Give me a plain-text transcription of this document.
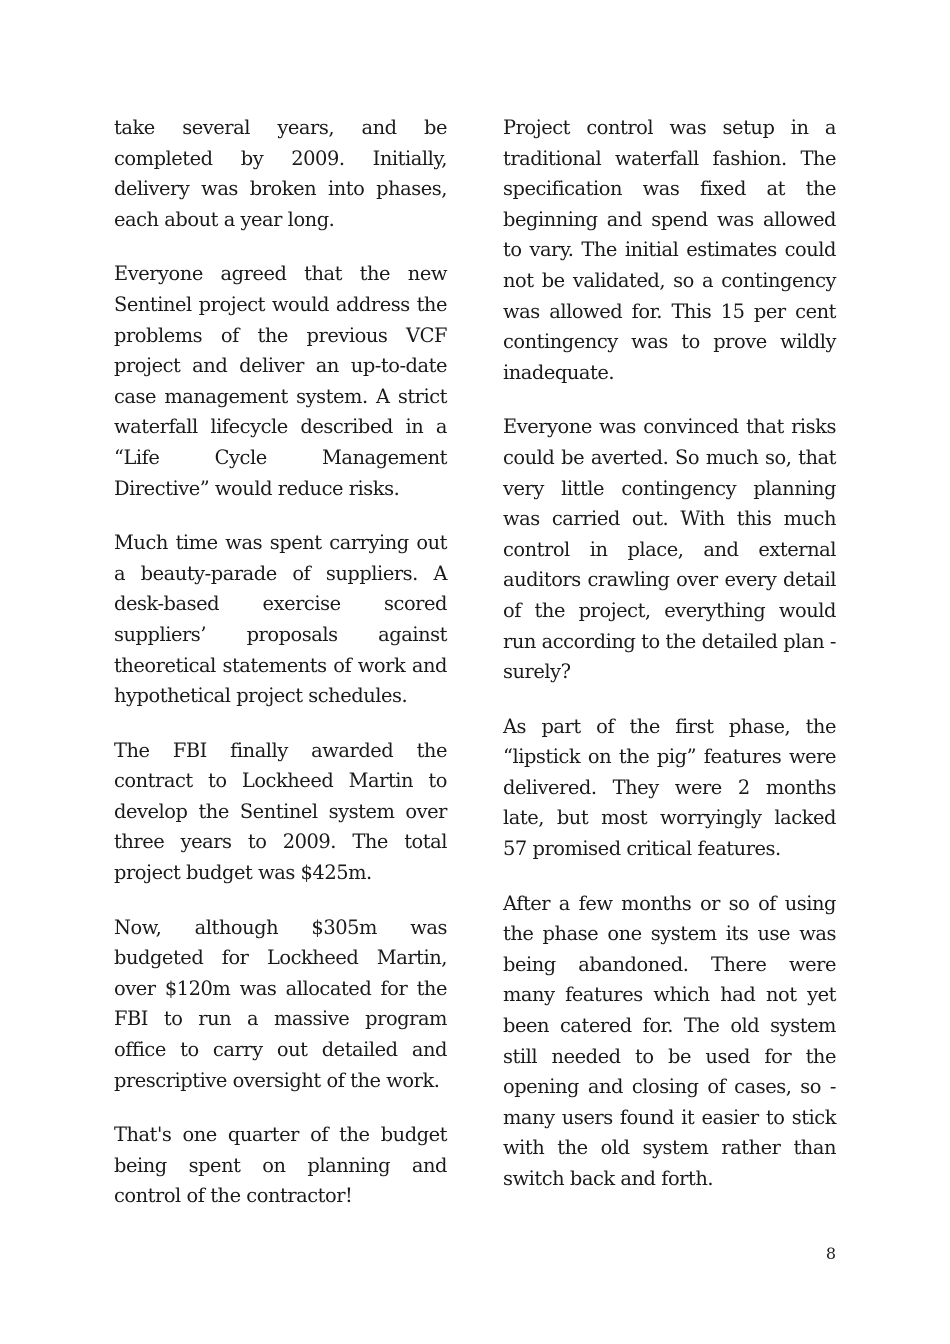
take several years, and be completed by 2009. Initially, delivery was broken into phases, each about a year long.

Everyone agreed that the new Sentinel project would address the problems of the previous VCF project and deliver an up-to-date case management system. A strict waterfall lifecycle described in a “Life Cycle Management Directive” would reduce risks.

Much time was spent carrying out a beauty-parade of suppliers. A desk-based exercise scored suppliers’ proposals against theoretical statements of work and hypothetical project schedules.

The FBI finally awarded the contract to Lockheed Martin to develop the Sentinel system over three years to 2009. The total project budget was $425m.

Now, although $305m was budgeted for Lockheed Martin, over $120m was allocated for the FBI to run a massive program office to carry out detailed and prescriptive oversight of the work.

That's one quarter of the budget being spent on planning and control of the contractor!

Project control was setup in a traditional waterfall fashion. The specification was fixed at the beginning and spend was allowed to vary. The initial estimates could not be validated, so a contingency was allowed for. This 15 per cent contingency was to prove wildly inadequate.

Everyone was convinced that risks could be averted. So much so, that very little contingency planning was carried out. With this much control in place, and external auditors crawling over every detail of the project, everything would run according to the detailed plan - surely?

As part of the first phase, the “lipstick on the pig” features were delivered. They were 2 months late, but most worryingly lacked 57 promised critical features.

After a few months or so of using the phase one system its use was being abandoned. There were many features which had not yet been catered for. The old system still needed to be used for the opening and closing of cases, so - many users found it easier to stick with the old system rather than switch back and forth.

8
